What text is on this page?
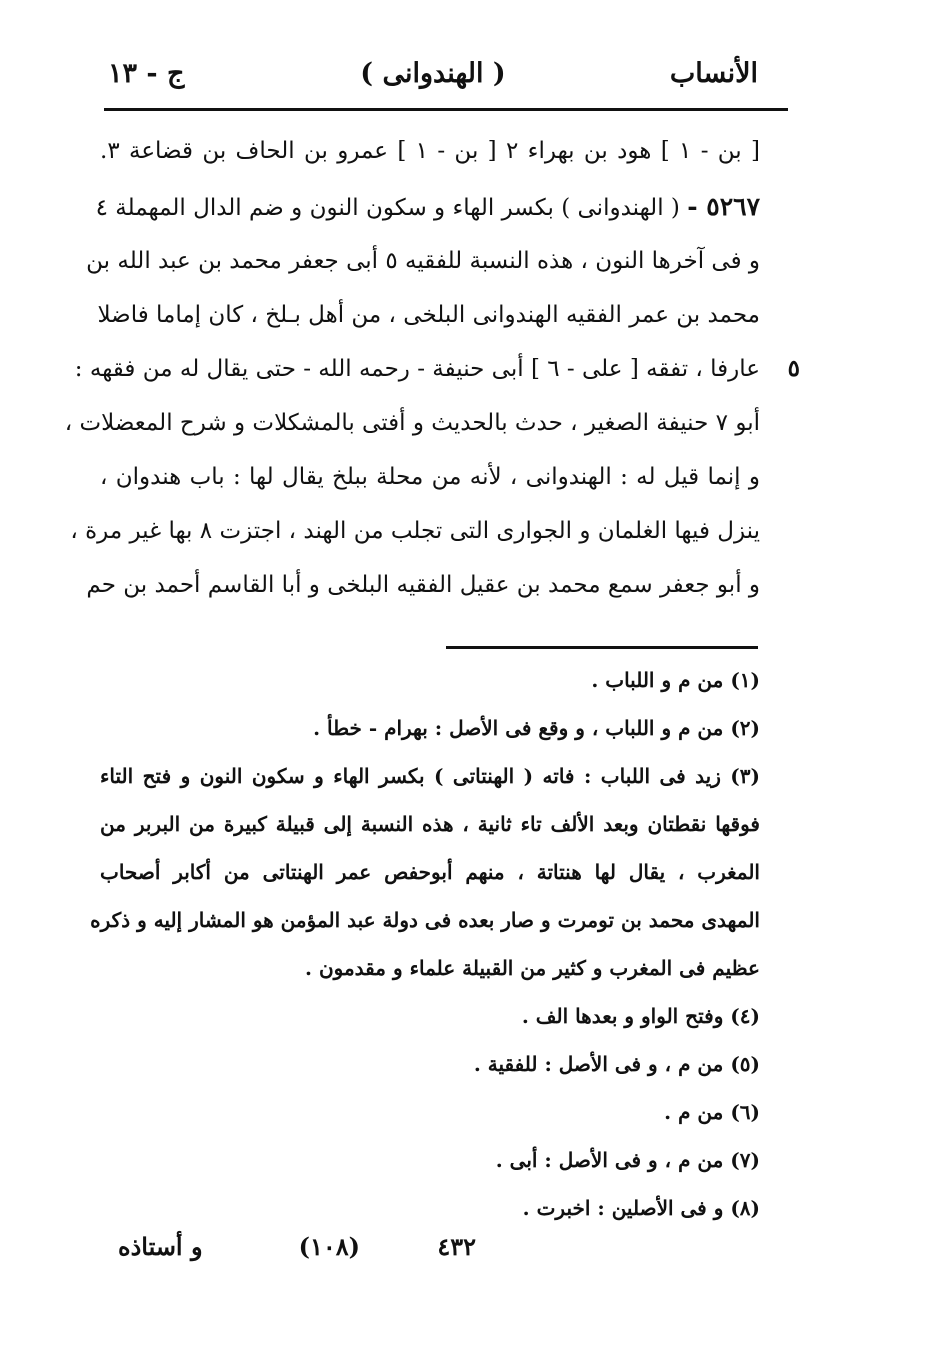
الأنساب
( الهندوانى )
ج - ١٣
[ بن - ١ ] هود بن بهراء ٢ [ بن - ١ ] عمرو بن الحاف بن قضاعة ٣.
٥٢٦٧ - ( الهندوانى ) بكسر الهاء و سكون النون و ضم الدال المهملة ٤
و فى آخرها النون ، هذه النسبة للفقيه ٥ أبى جعفر محمد بن عبد الله بن
محمد بن عمر الفقيه الهندوانى البلخى ، من أهل بـلخ ، كان إماما فاضلا
٥
عارفا ، تفقه [ على - ٦ ] أبى حنيفة - رحمه الله - حتى يقال له من فقهه :
أبو ٧ حنيفة الصغير ، حدث بالحديث و أفتى بالمشكلات و شرح المعضلات ،
و إنما قيل له : الهندوانى ، لأنه من محلة ببلخ يقال لها : باب هندوان ،
ينزل فيها الغلمان و الجوارى التى تجلب من الهند ، اجتزت ٨ بها غير مرة ،
و أبو جعفر سمع محمد بن عقيل الفقيه البلخى و أبا القاسم أحمد بن حم
(١) من م و اللباب .
(٢) من م و اللباب ، و وقع فى الأصل : بهرام - خطأ .
(٣) زيد فى اللباب : فاته ( الهنتاتى ) بكسر الهاء و سكون النون و فتح التاء
فوقها نقطتان وبعد الألف تاء ثانية ، هذه النسبة إلى قبيلة كبيرة من البربر من
المغرب ، يقال لها هنتاتة ، منهم أبوحفص عمر الهنتاتى من أكابر أصحاب
المهدى محمد بن تومرت و صار بعده فى دولة عبد المؤمن هو المشار إليه و ذكره
عظيم فى المغرب و كثير من القبيلة علماء و مقدمون .
(٤) وفتح الواو و بعدها الف .
(٥) من م ، و فى الأصل : للفقية .
(٦) من م .
(٧) من م ، و فى الأصل : أبى .
(٨) و فى الأصلين : اخبرت .
٤٣٢
(١٠٨)
و أستاذه
